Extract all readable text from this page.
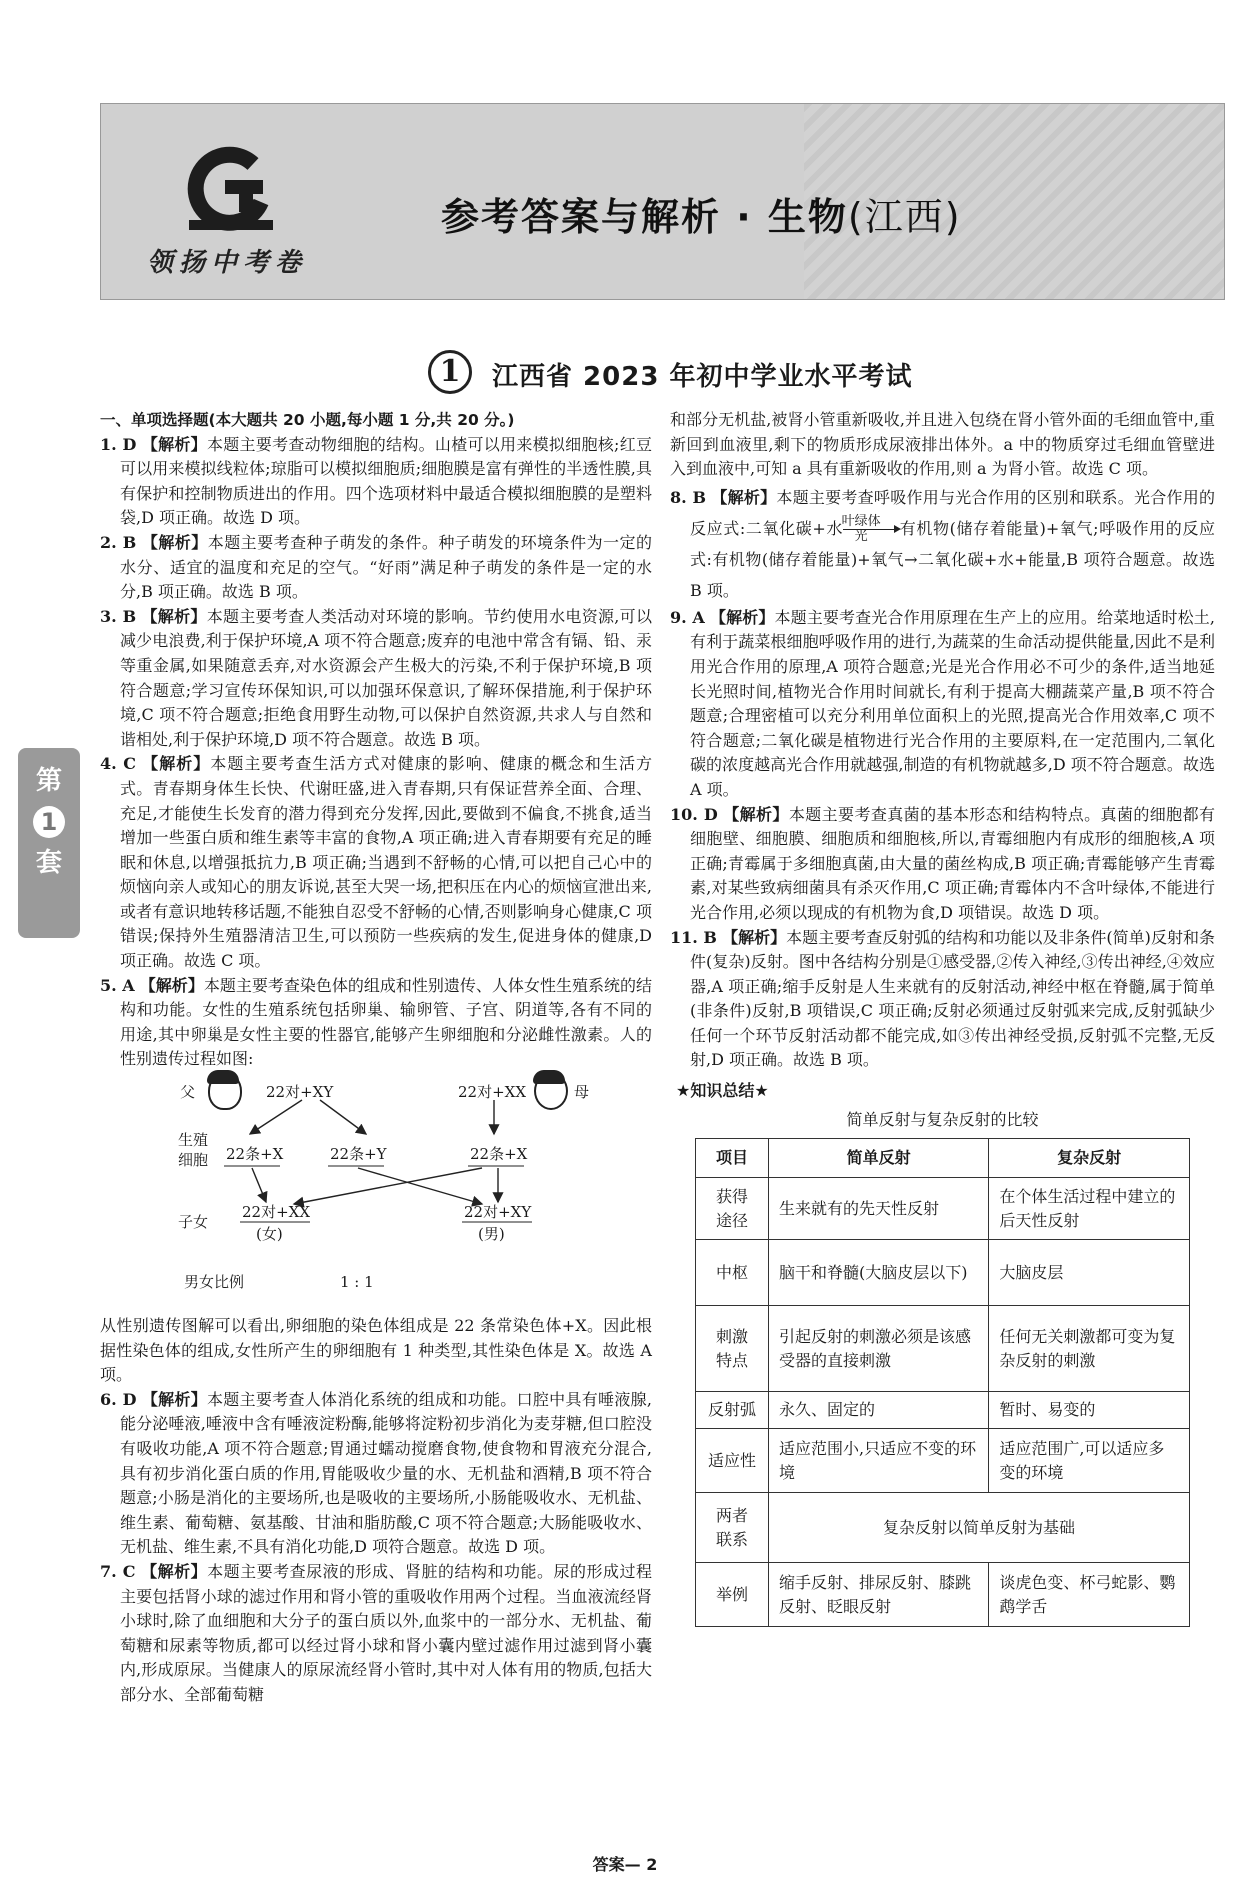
领扬中考卷
参考答案与解析 · 生物(江西)
1	江西省 2023 年初中学业水平考试
第
1
套

一、单项选择题(本大题共 20 小题,每小题 1 分,共 20 分。)

1. D 【解析】本题主要考查动物细胞的结构。山楂可以用来模拟细胞核;红豆可以用来模拟线粒体;琼脂可以模拟细胞质;细胞膜是富有弹性的半透性膜,具有保护和控制物质进出的作用。四个选项材料中最适合模拟细胞膜的是塑料袋,D 项正确。故选 D 项。

2. B 【解析】本题主要考查种子萌发的条件。种子萌发的环境条件为一定的水分、适宜的温度和充足的空气。“好雨”满足种子萌发的条件是一定的水分,B 项正确。故选 B 项。

3. B 【解析】本题主要考查人类活动对环境的影响。节约使用水电资源,可以减少电浪费,利于保护环境,A 项不符合题意;废弃的电池中常含有镉、铅、汞等重金属,如果随意丢弃,对水资源会产生极大的污染,不利于保护环境,B 项符合题意;学习宣传环保知识,可以加强环保意识,了解环保措施,利于保护环境,C 项不符合题意;拒绝食用野生动物,可以保护自然资源,共求人与自然和谐相处,利于保护环境,D 项不符合题意。故选 B 项。

4. C 【解析】本题主要考查生活方式对健康的影响、健康的概念和生活方式。青春期身体生长快、代谢旺盛,进入青春期,只有保证营养全面、合理、充足,才能使生长发育的潜力得到充分发挥,因此,要做到不偏食,不挑食,适当增加一些蛋白质和维生素等丰富的食物,A 项正确;进入青春期要有充足的睡眠和休息,以增强抵抗力,B 项正确;当遇到不舒畅的心情,可以把自己心中的烦恼向亲人或知心的朋友诉说,甚至大哭一场,把积压在内心的烦恼宣泄出来,或者有意识地转移话题,不能独自忍受不舒畅的心情,否则影响身心健康,C 项错误;保持外生殖器清洁卫生,可以预防一些疾病的发生,促进身体的健康,D 项正确。故选 C 项。

5. A 【解析】本题主要考查染色体的组成和性别遗传、人体女性生殖系统的结构和功能。女性的生殖系统包括卵巢、输卵管、子宫、阴道等,各有不同的用途,其中卵巢是女性主要的性器官,能够产生卵细胞和分泌雌性激素。人的性别遗传过程如图:

父	22对+XY	22对+XX	母
生殖
细胞 22条+X	22条+Y	22条+X
子女
22对+XX
(女)
22对+XY
(男)
男女比例	1 : 1

从性别遗传图解可以看出,卵细胞的染色体组成是 22 条常染色体+X。因此根据性染色体的组成,女性所产生的卵细胞有 1 种类型,其性染色体是 X。故选 A 项。

6. D 【解析】本题主要考查人体消化系统的组成和功能。口腔中具有唾液腺,能分泌唾液,唾液中含有唾液淀粉酶,能够将淀粉初步消化为麦芽糖,但口腔没有吸收功能,A 项不符合题意;胃通过蠕动搅磨食物,使食物和胃液充分混合,具有初步消化蛋白质的作用,胃能吸收少量的水、无机盐和酒精,B 项不符合题意;小肠是消化的主要场所,也是吸收的主要场所,小肠能吸收水、无机盐、维生素、葡萄糖、氨基酸、甘油和脂肪酸,C 项不符合题意;大肠能吸收水、无机盐、维生素,不具有消化功能,D 项符合题意。故选 D 项。

7. C 【解析】本题主要考查尿液的形成、肾脏的结构和功能。尿的形成过程主要包括肾小球的滤过作用和肾小管的重吸收作用两个过程。当血液流经肾小球时,除了血细胞和大分子的蛋白质以外,血浆中的一部分水、无机盐、葡萄糖和尿素等物质,都可以经过肾小球和肾小囊内壁过滤作用过滤到肾小囊内,形成原尿。当健康人的原尿流经肾小管时,其中对人体有用的物质,包括大部分水、全部葡萄糖

和部分无机盐,被肾小管重新吸收,并且进入包绕在肾小管外面的毛细血管中,重新回到血液里,剩下的物质形成尿液排出体外。a 中的物质穿过毛细血管壁进入到血液中,可知 a 具有重新吸收的作用,则 a 为肾小管。故选 C 项。

8. B 【解析】本题主要考查呼吸作用与光合作用的区别和联系。光合作用的反应式:二氧化碳+水
叶绿体
光	有机物(储存着能量)+氧气;呼吸作用的反应式:有机物(储存着能量)+氧气→二氧化碳+水+能量,B 项符合题意。故选 B 项。

9. A 【解析】本题主要考查光合作用原理在生产上的应用。给菜地适时松土,有利于蔬菜根细胞呼吸作用的进行,为蔬菜的生命活动提供能量,因此不是利用光合作用的原理,A 项符合题意;光是光合作用必不可少的条件,适当地延长光照时间,植物光合作用时间就长,有利于提高大棚蔬菜产量,B 项不符合题意;合理密植可以充分利用单位面积上的光照,提高光合作用效率,C 项不符合题意;二氧化碳是植物进行光合作用的主要原料,在一定范围内,二氧化碳的浓度越高光合作用就越强,制造的有机物就越多,D 项不符合题意。故选 A 项。

10. D 【解析】本题主要考查真菌的基本形态和结构特点。真菌的细胞都有细胞壁、细胞膜、细胞质和细胞核,所以,青霉细胞内有成形的细胞核,A 项正确;青霉属于多细胞真菌,由大量的菌丝构成,B 项正确;青霉能够产生青霉素,对某些致病细菌具有杀灭作用,C 项正确;青霉体内不含叶绿体,不能进行光合作用,必须以现成的有机物为食,D 项错误。故选 D 项。

11. B 【解析】本题主要考查反射弧的结构和功能以及非条件(简单)反射和条件(复杂)反射。图中各结构分别是①感受器,②传入神经,③传出神经,④效应器,A 项正确;缩手反射是人生来就有的反射活动,神经中枢在脊髓,属于简单(非条件)反射,B 项错误,C 项正确;反射必须通过反射弧来完成,反射弧缺少任何一个环节反射活动都不能完成,如③传出神经受损,反射弧不完整,无反射,D 项正确。故选 B 项。

★知识总结★
简单反射与复杂反射的比较
项目	简单反射	复杂反射
获得
途径	生来就有的先天性反射	在个体生活过程中建立的后天性反射
中枢	脑干和脊髓(大脑皮层以下)	大脑皮层
刺激
特点	引起反射的刺激必须是该感受器的直接刺激	任何无关刺激都可变为复杂反射的刺激
反射弧	永久、固定的	暂时、易变的
适应性	适应范围小,只适应不变的环境	适应范围广,可以适应多变的环境
两者
联系	复杂反射以简单反射为基础	
举例	缩手反射、排尿反射、膝跳反射、眨眼反射	谈虎色变、杯弓蛇影、鹦鹉学舌
答案— 2
